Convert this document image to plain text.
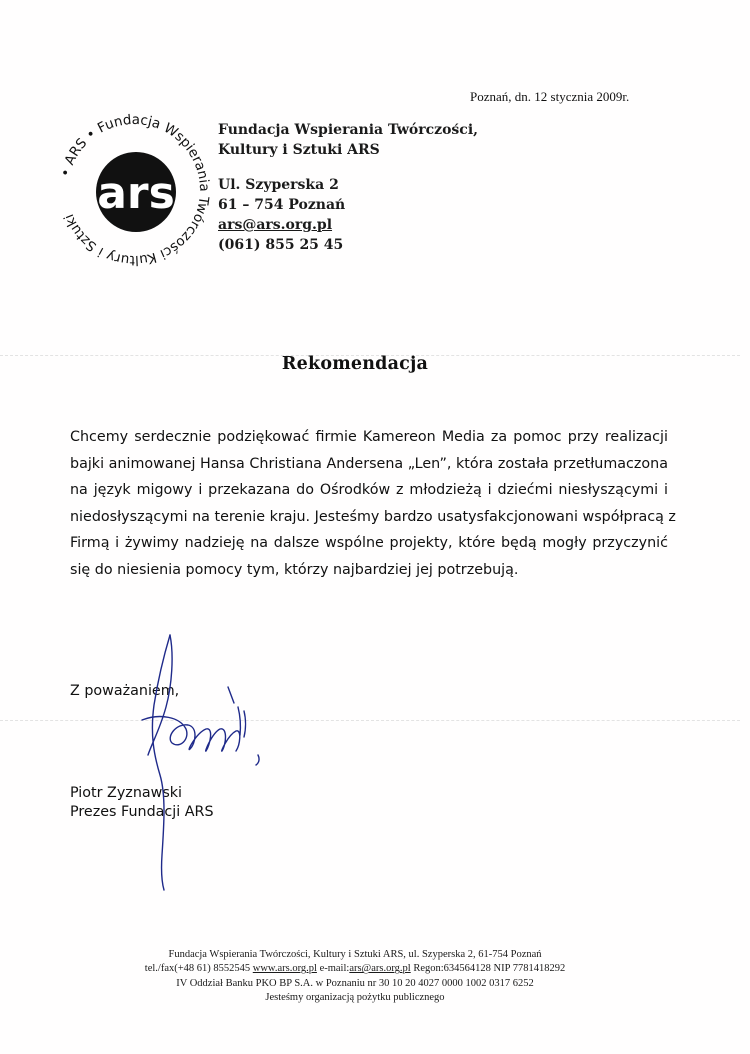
Poznań, dn. 12 stycznia 2009r.
• ARS • Fundacja Wspierania Twórczości Kultury i Sztuki ars
Fundacja Wspierania Twórczości,
Kultury i Sztuki ARS
Ul. Szyperska 2
61 – 754 Poznań
ars@ars.org.pl
(061) 855 25 45
Rekomendacja
Chcemy serdecznie podziękować firmie Kamereon Media za pomoc przy realizacji
bajki animowanej Hansa Christiana Andersena „Len”, która została przetłumaczona
na język migowy i przekazana do Ośrodków z młodzieżą i dziećmi niesłyszącymi i
niedosłyszącymi na terenie kraju. Jesteśmy bardzo usatysfakcjonowani współpracą z
Firmą i żywimy nadzieję na dalsze wspólne projekty, które będą mogły przyczynić
się do niesienia pomocy tym, którzy najbardziej jej potrzebują.
Z poważaniem,
Piotr Zyznawski
Prezes Fundacji ARS
Fundacja Wspierania Twórczości, Kultury i Sztuki ARS, ul. Szyperska 2, 61-754 Poznań
tel./fax(+48 61) 8552545 www.ars.org.pl e-mail:ars@ars.org.pl Regon:634564128 NIP 7781418292
IV Oddział Banku PKO BP S.A. w Poznaniu nr 30 10 20 4027 0000 1002 0317 6252
Jesteśmy organizacją pożytku publicznego
